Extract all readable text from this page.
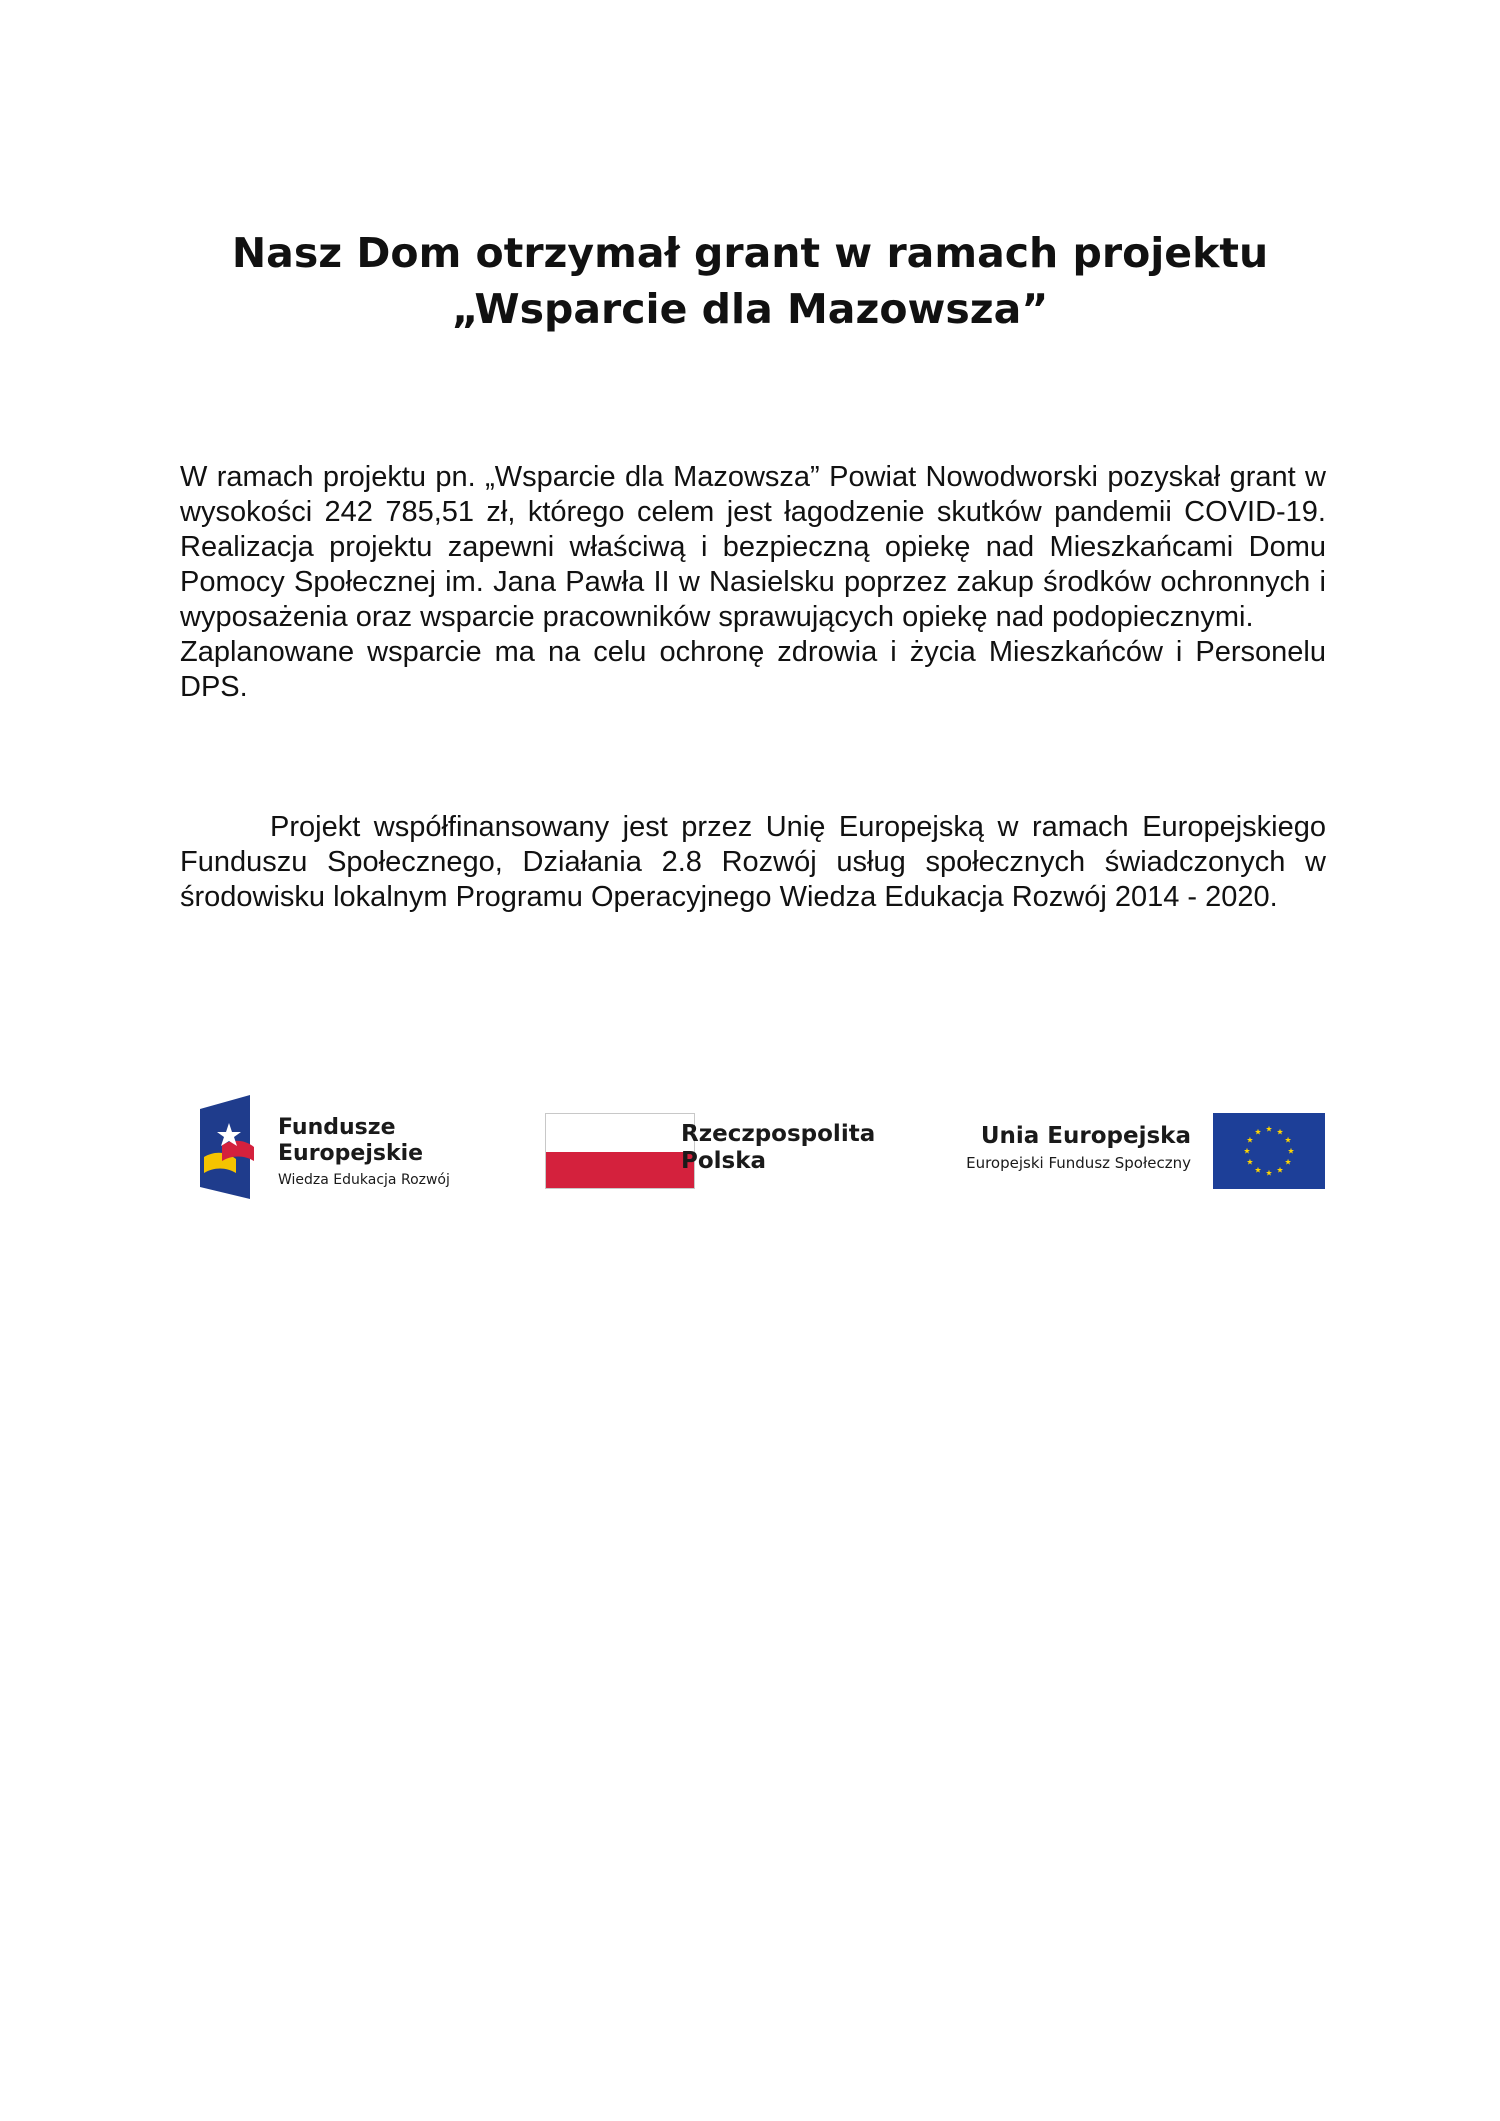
Nasz Dom otrzymał grant w ramach projektu
„Wsparcie dla Mazowsza”

W ramach projektu pn. „Wsparcie dla Mazowsza” Powiat Nowodworski pozyskał grant w wysokości 242 785,51 zł, którego celem jest łagodzenie skutków pandemii COVID-19. Realizacja projektu zapewni właściwą i bezpieczną opiekę nad Mieszkańcami Domu Pomocy Społecznej im. Jana Pawła II w Nasielsku poprzez zakup środków ochronnych i wyposażenia oraz wsparcie pracowników sprawujących opiekę nad podopiecznymi.

Zaplanowane wsparcie ma na celu ochronę zdrowia i życia Mieszkańców i Personelu DPS.

Projekt współfinansowany jest przez Unię Europejską w ramach Europejskiego Funduszu Społecznego, Działania 2.8 Rozwój usług społecznych świadczonych w środowisku lokalnym Programu Operacyjnego Wiedza Edukacja Rozwój 2014 - 2020.

Fundusze
Europejskie
Wiedza Edukacja Rozwój
Rzeczpospolita
Polska
Unia Europejska
Europejski Fundusz Społeczny
